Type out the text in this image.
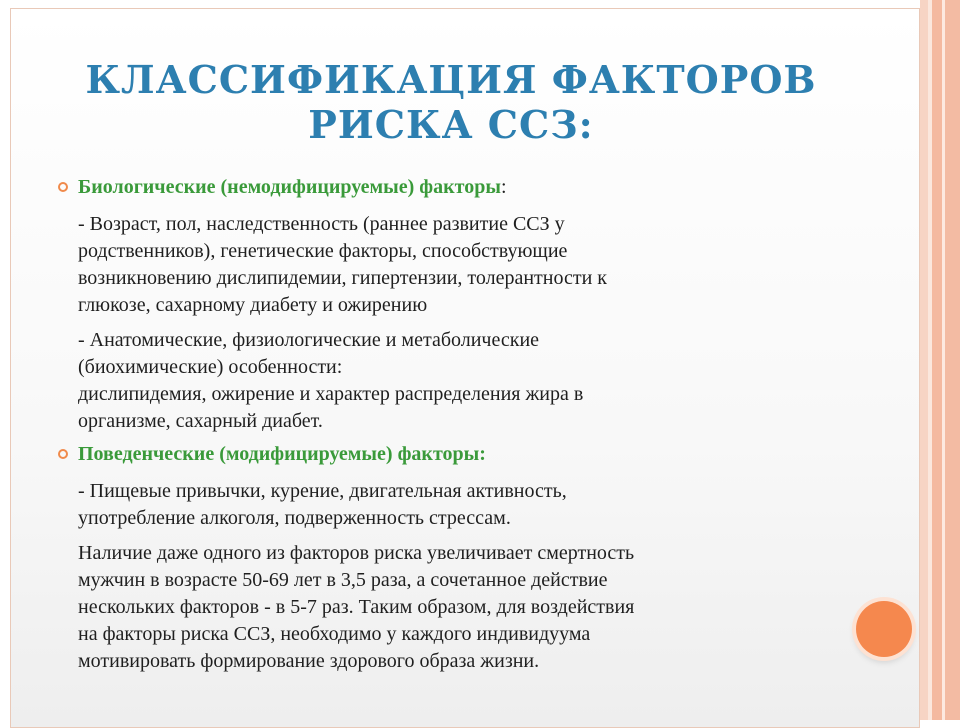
КЛАССИФИКАЦИЯ ФАКТОРОВ
РИСКА ССЗ:
Биологические (немодифицируемые) факторы:
- Возраст, пол, наследственность (раннее развитие ССЗ у
родственников), генетические факторы, способствующие
возникновению дислипидемии, гипертензии, толерантности к
глюкозе, сахарному диабету и ожирению
- Анатомические, физиологические и метаболические
(биохимические) особенности:
дислипидемия, ожирение и характер распределения жира в
организме, сахарный диабет.
Поведенческие (модифицируемые) факторы:
- Пищевые привычки, курение, двигательная активность,
употребление алкоголя, подверженность стрессам.
Наличие даже одного из факторов риска увеличивает смертность
мужчин в возрасте 50-69 лет в 3,5 раза, а сочетанное действие
нескольких факторов - в 5-7 раз. Таким образом, для воздействия
на факторы риска ССЗ, необходимо у каждого индивидуума
мотивировать формирование здорового образа жизни.
